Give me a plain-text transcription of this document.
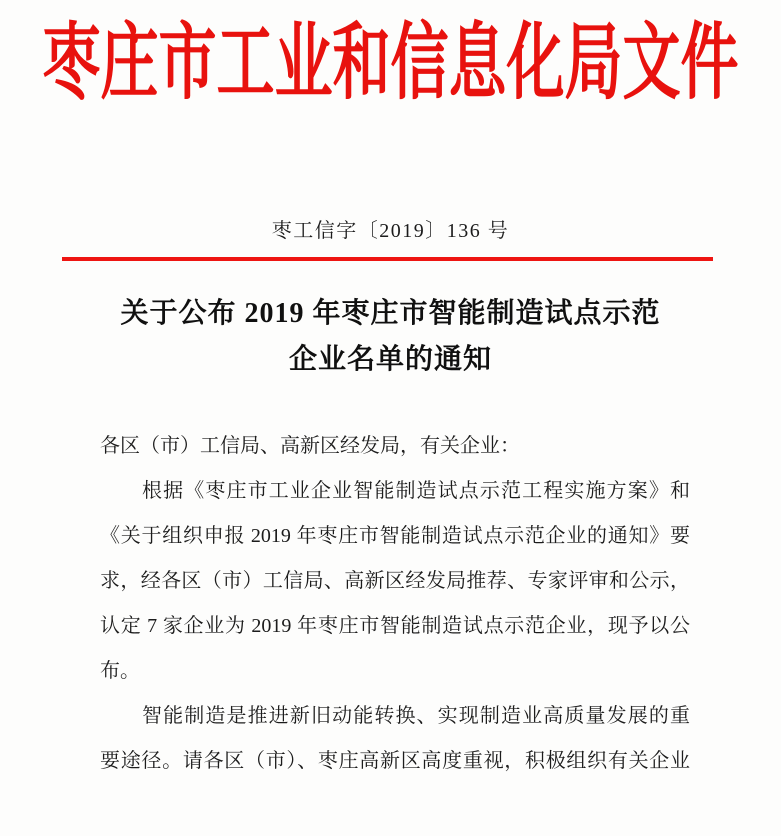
枣庄市工业和信息化局文件
枣工信字〔2019〕136 号
关于公布 2019 年枣庄市智能制造试点示范
企业名单的通知
各区（市）工信局、高新区经发局，有关企业：
根据《枣庄市工业企业智能制造试点示范工程实施方案》和
《关于组织申报 2019 年枣庄市智能制造试点示范企业的通知》要
求，经各区（市）工信局、高新区经发局推荐、专家评审和公示，
认定 7 家企业为 2019 年枣庄市智能制造试点示范企业，现予以公
布。
智能制造是推进新旧动能转换、实现制造业高质量发展的重
要途径。请各区（市）、枣庄高新区高度重视，积极组织有关企业
